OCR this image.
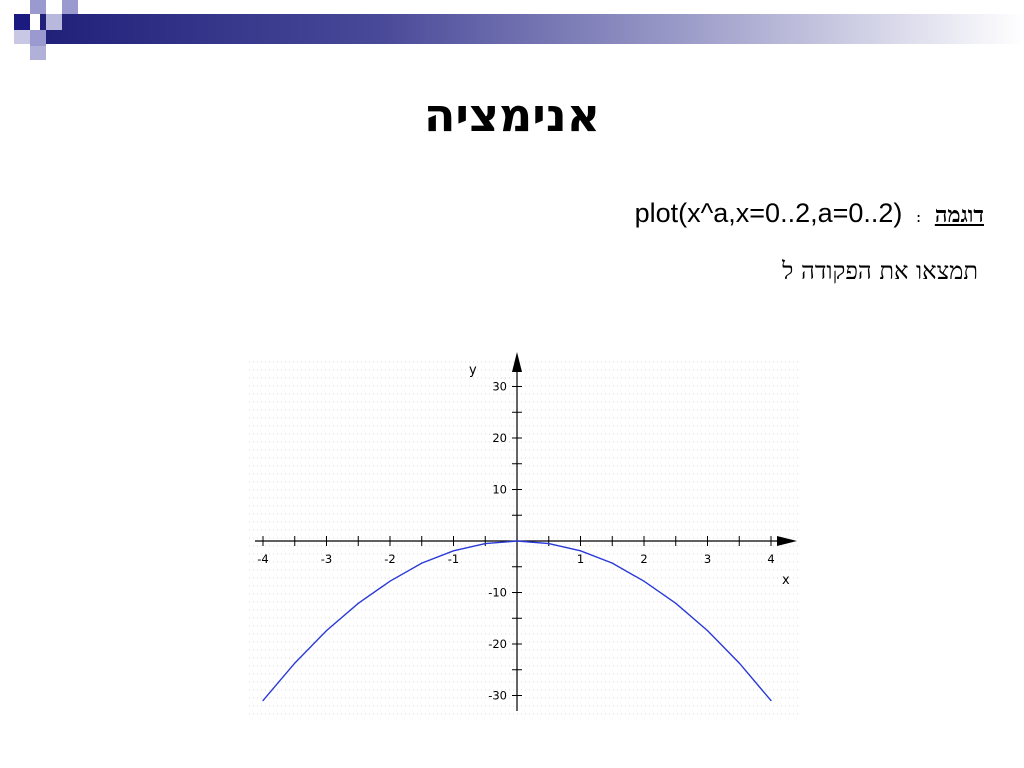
אנימציה
plot(x^a,x=0..2,a=0..2) : דוגמה
תמצאו את הפקודה ל
x
y
-4	-3	-2	-1	1	2	3	4
30
20
10
-10
-20
-30
